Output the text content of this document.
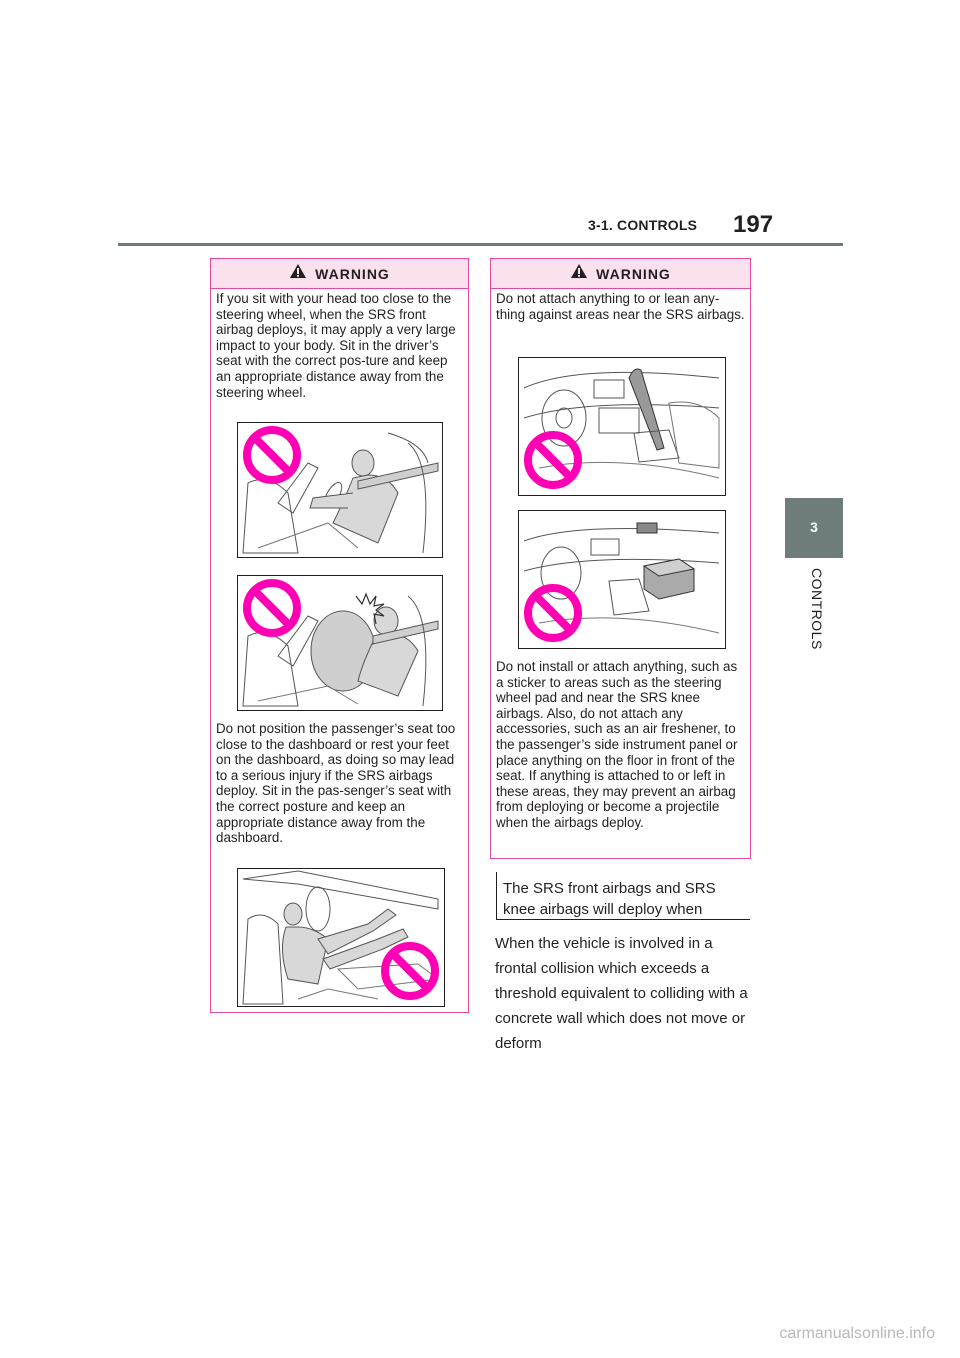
3-1. CONTROLS 197
3
CONTROLS
WARNING
If you sit with your head too close to the steering wheel, when the SRS front airbag deploys, it may apply a very large impact to your body. Sit in the driver’s seat with the correct pos-ture and keep an appropriate distance away from the steering wheel.
Do not position the passenger’s seat too close to the dashboard or rest your feet on the dashboard, as doing so may lead to a serious injury if the SRS airbags deploy. Sit in the pas-senger’s seat with the correct posture and keep an appropriate distance away from the dashboard.
WARNING
Do not attach anything to or lean any-thing against areas near the SRS airbags.
Do not install or attach anything, such as a sticker to areas such as the steering wheel pad and near the SRS knee airbags. Also, do not attach any accessories, such as an air freshener, to the passenger’s side instrument panel or place anything on the floor in front of the seat. If anything is attached to or left in these areas, they may prevent an airbag from deploying or become a projectile when the airbags deploy.
The SRS front airbags and SRS knee airbags will deploy when
When the vehicle is involved in a frontal collision which exceeds a threshold equivalent to colliding with a concrete wall which does not move or deform
carmanualsonline.info
